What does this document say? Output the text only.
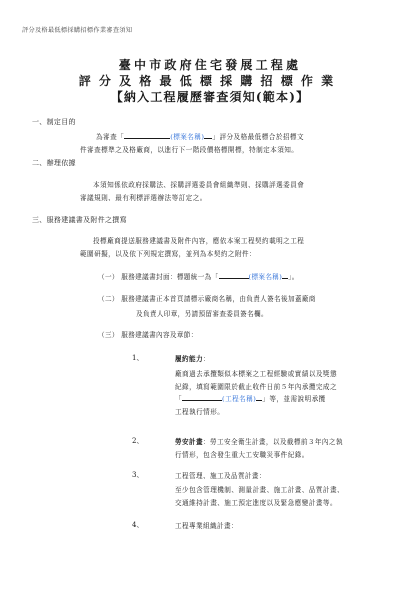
評分及格最低標採購招標作業審查須知
臺中市政府住宅發展工程處
評分及格最低標採購招標作業
【納入工程履歷審查須知(範本)】
一、制定目的
為審查「	(標案名稱) 」評分及格最低標合於招標文
件審查標準之及格廠商，以進行下一階段價格標開標，特制定本須知。
二、辦理依據
本須知係依政府採購法、採購評選委員會組織準則、採購評選委員會
審議規則、最有利標評選辦法等訂定之。
三、服務建議書及附件之撰寫
投標廠商提送服務建議書及附件內容，應依本案工程契約載明之工程
範圍研擬，以及依下列規定撰寫，並列為本契約之附件：
（一） 服務建議書封面：標題統一為「	(標案名稱) 」。
（二） 服務建議書正本首頁請標示廠商名稱，由負責人簽名後加蓋廠商
及負責人印章，另請預留審查委員簽名欄。
（三） 服務建議書內容及章節：
1、	履約能力：
廠商過去承攬類似本標案之工程經驗或實績以及獎懲
紀錄，填寫範圍限於截止收件日前５年內承攬完成之
「	(工程名稱) 」等，並需說明承攬
工程執行情形。
2、	勞安計畫：勞工安全衛生計畫，以及截標前３年內之執
行情形，包含發生重大工安職災事件紀錄。
3、	工程管理、施工及品質計畫：
至少包含管理機制、測量計畫、施工計畫、品質計畫、
交通維持計畫、施工預定進度以及緊急應變計畫等。
4、	工程專業組織計畫：
